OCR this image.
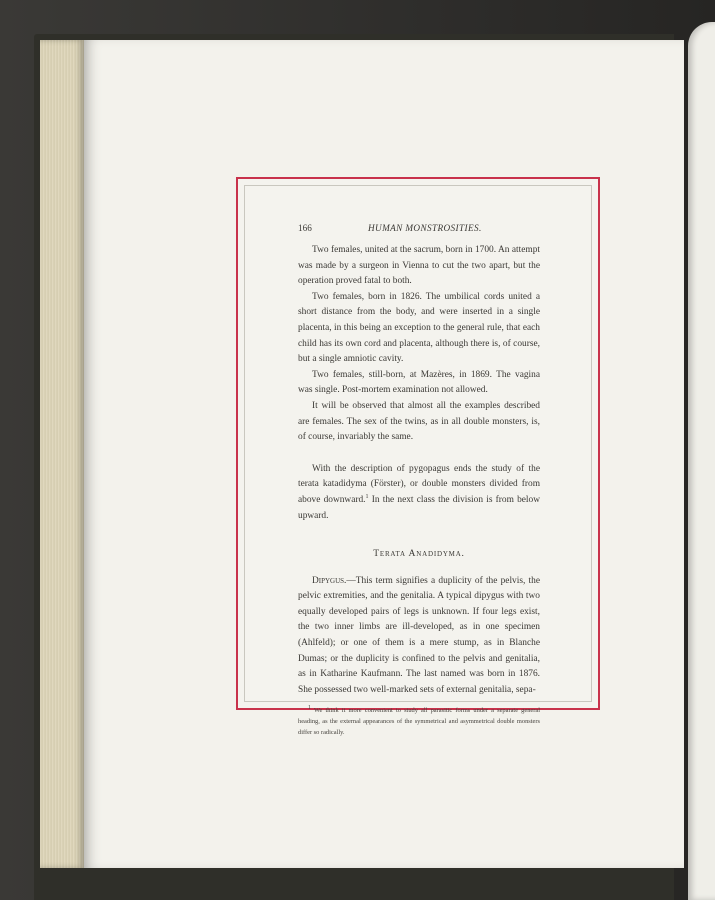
166	HUMAN MONSTROSITIES.

Two females, united at the sacrum, born in 1700. An attempt was made by a surgeon in Vienna to cut the two apart, but the operation proved fatal to both.

Two females, born in 1826. The umbilical cords united a short distance from the body, and were inserted in a single placenta, in this being an exception to the general rule, that each child has its own cord and placenta, although there is, of course, but a single amniotic cavity.

Two females, still-born, at Mazères, in 1869. The vagina was single. Post-mortem examination not allowed.

It will be observed that almost all the examples described are females. The sex of the twins, as in all double monsters, is, of course, invariably the same.

With the description of pygopagus ends the study of the terata katadidyma (Förster), or double monsters divided from above downward.$^1$ In the next class the division is from below upward.

Terata Anadidyma.

Dipygus.—This term signifies a duplicity of the pelvis, the pelvic extremities, and the genitalia. A typical dipygus with two equally developed pairs of legs is unknown. If four legs exist, the two inner limbs are ill-developed, as in one specimen (Ahlfeld); or one of them is a mere stump, as in Blanche Dumas; or the duplicity is confined to the pelvis and genitalia, as in Katharine Kaufmann. The last named was born in 1876. She possessed two well-marked sets of external genitalia, sepa-

$^1$ We think it more convenient to study all parasitic forms under a separate general heading, as the external appearances of the symmetrical and asymmetrical double monsters differ so radically.
